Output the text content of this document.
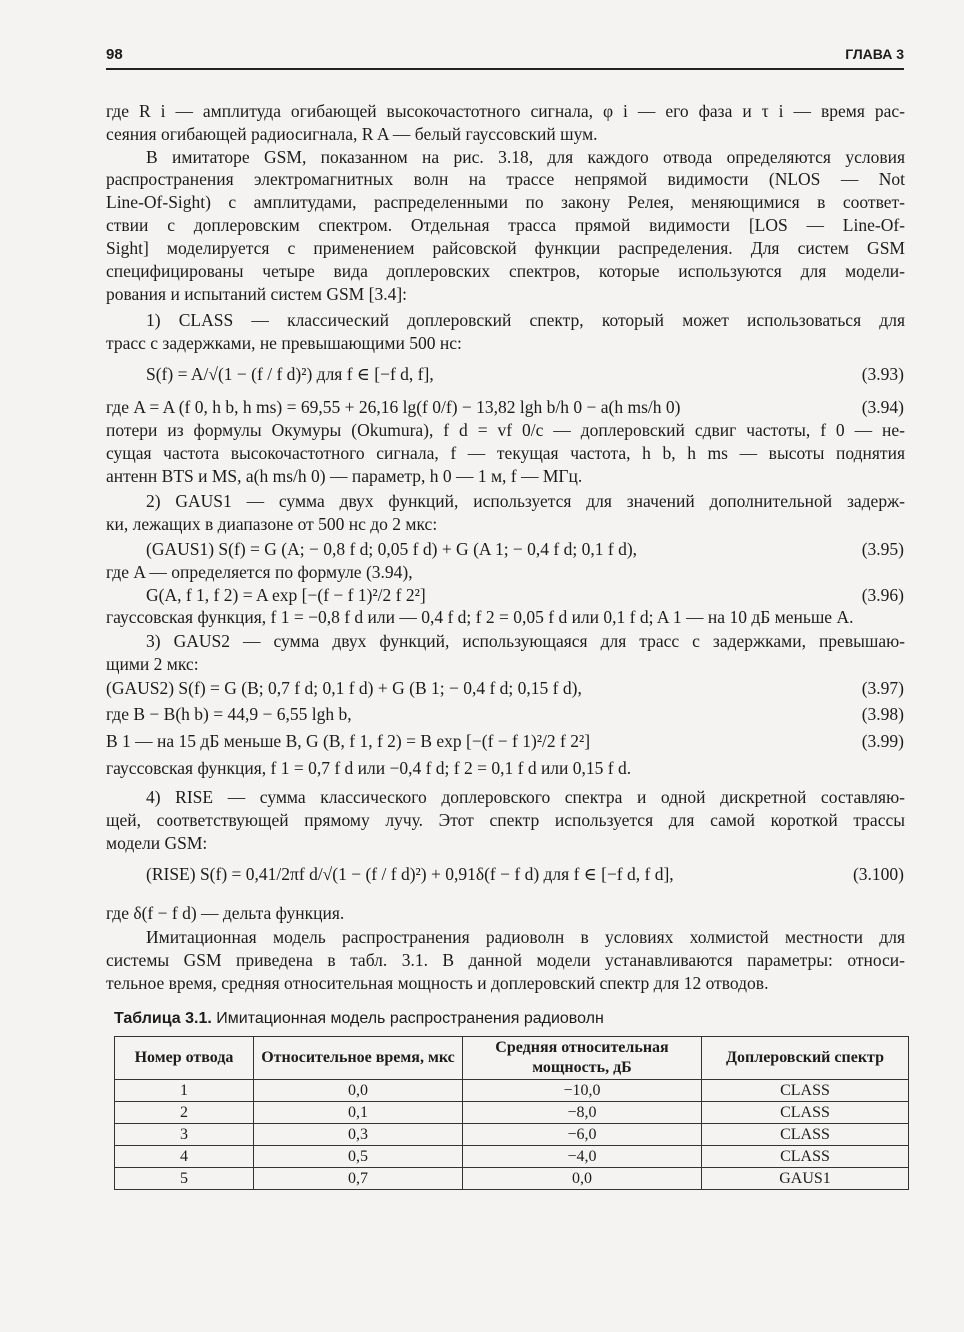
98	ГЛАВА 3
где R i — амплитуда огибающей высокочастотного сигнала, φ i — его фаза и τ i — время рас-
сеяния огибающей радиосигнала, R A — белый гауссовский шум.
В имитаторе GSM, показанном на рис. 3.18, для каждого отвода определяются условия
распространения электромагнитных волн на трассе непрямой видимости (NLOS — Not
Line-Of-Sight) с амплитудами, распределенными по закону Релея, меняющимися в соответ-
ствии с доплеровским спектром. Отдельная трасса прямой видимости [LOS — Line-Of-
Sight] моделируется с применением райсовской функции распределения. Для систем GSM
специфицированы четыре вида доплеровских спектров, которые используются для модели-
рования и испытаний систем GSM [3.4]:
1) CLASS — классический доплеровский спектр, который может использоваться для
трасс с задержками, не превышающими 500 нс:
S(f) = A/√(1 − (f / f d)²) для f ∈ [−f d, f],	(3.93)
где A = A (f 0, h b, h ms) = 69,55 + 26,16 lg(f 0/f) − 13,82 lgh b/h 0 − a(h ms/h 0)	(3.94)
потери из формулы Окумуры (Okumura), f d = vf 0/c — доплеровский сдвиг частоты, f 0 — не-
сущая частота высокочастотного сигнала, f — текущая частота, h b, h ms — высоты поднятия
антенн BTS и MS, a(h ms/h 0) — параметр, h 0 — 1 м, f — МГц.
2) GAUS1 — сумма двух функций, используется для значений дополнительной задерж-
ки, лежащих в диапазоне от 500 нс до 2 мкс:
(GAUS1) S(f) = G (A; − 0,8 f d; 0,05 f d) + G (A 1; − 0,4 f d; 0,1 f d),	(3.95)
где A — определяется по формуле (3.94),
G(A, f 1, f 2) = A exp [−(f − f 1)²/2 f 2²]	(3.96)
гауссовская функция, f 1 = −0,8 f d или — 0,4 f d; f 2 = 0,05 f d или 0,1 f d; A 1 — на 10 дБ меньше A.
3) GAUS2 — сумма двух функций, использующаяся для трасс с задержками, превышаю-
щими 2 мкс:
(GAUS2) S(f) = G (B; 0,7 f d; 0,1 f d) + G (B 1; − 0,4 f d; 0,15 f d),	(3.97)
где B − B(h b) = 44,9 − 6,55 lgh b,	(3.98)
B 1 — на 15 дБ меньше B, G (B, f 1, f 2) = B exp [−(f − f 1)²/2 f 2²]	(3.99)
гауссовская функция, f 1 = 0,7 f d или −0,4 f d; f 2 = 0,1 f d или 0,15 f d.
4) RISE — сумма классического доплеровского спектра и одной дискретной составляю-
щей, соответствующей прямому лучу. Этот спектр используется для самой короткой трассы
модели GSM:
(RISE) S(f) = 0,41/2πf d/√(1 − (f / f d)²) + 0,91δ(f − f d) для f ∈ [−f d, f d],	(3.100)
где δ(f − f d) — дельта функция.
Имитационная модель распространения радиоволн в условиях холмистой местности для
системы GSM приведена в табл. 3.1. В данной модели устанавливаются параметры: относи-
тельное время, средняя относительная мощность и доплеровский спектр для 12 отводов.
Таблица 3.1. Имитационная модель распространения радиоволн
Номер отвода	Относительное время, мкс	Средняя относительная мощность, дБ	Доплеровский спектр
1	0,0	−10,0	CLASS
2	0,1	−8,0	CLASS
3	0,3	−6,0	CLASS
4	0,5	−4,0	CLASS
5	0,7	0,0	GAUS1
